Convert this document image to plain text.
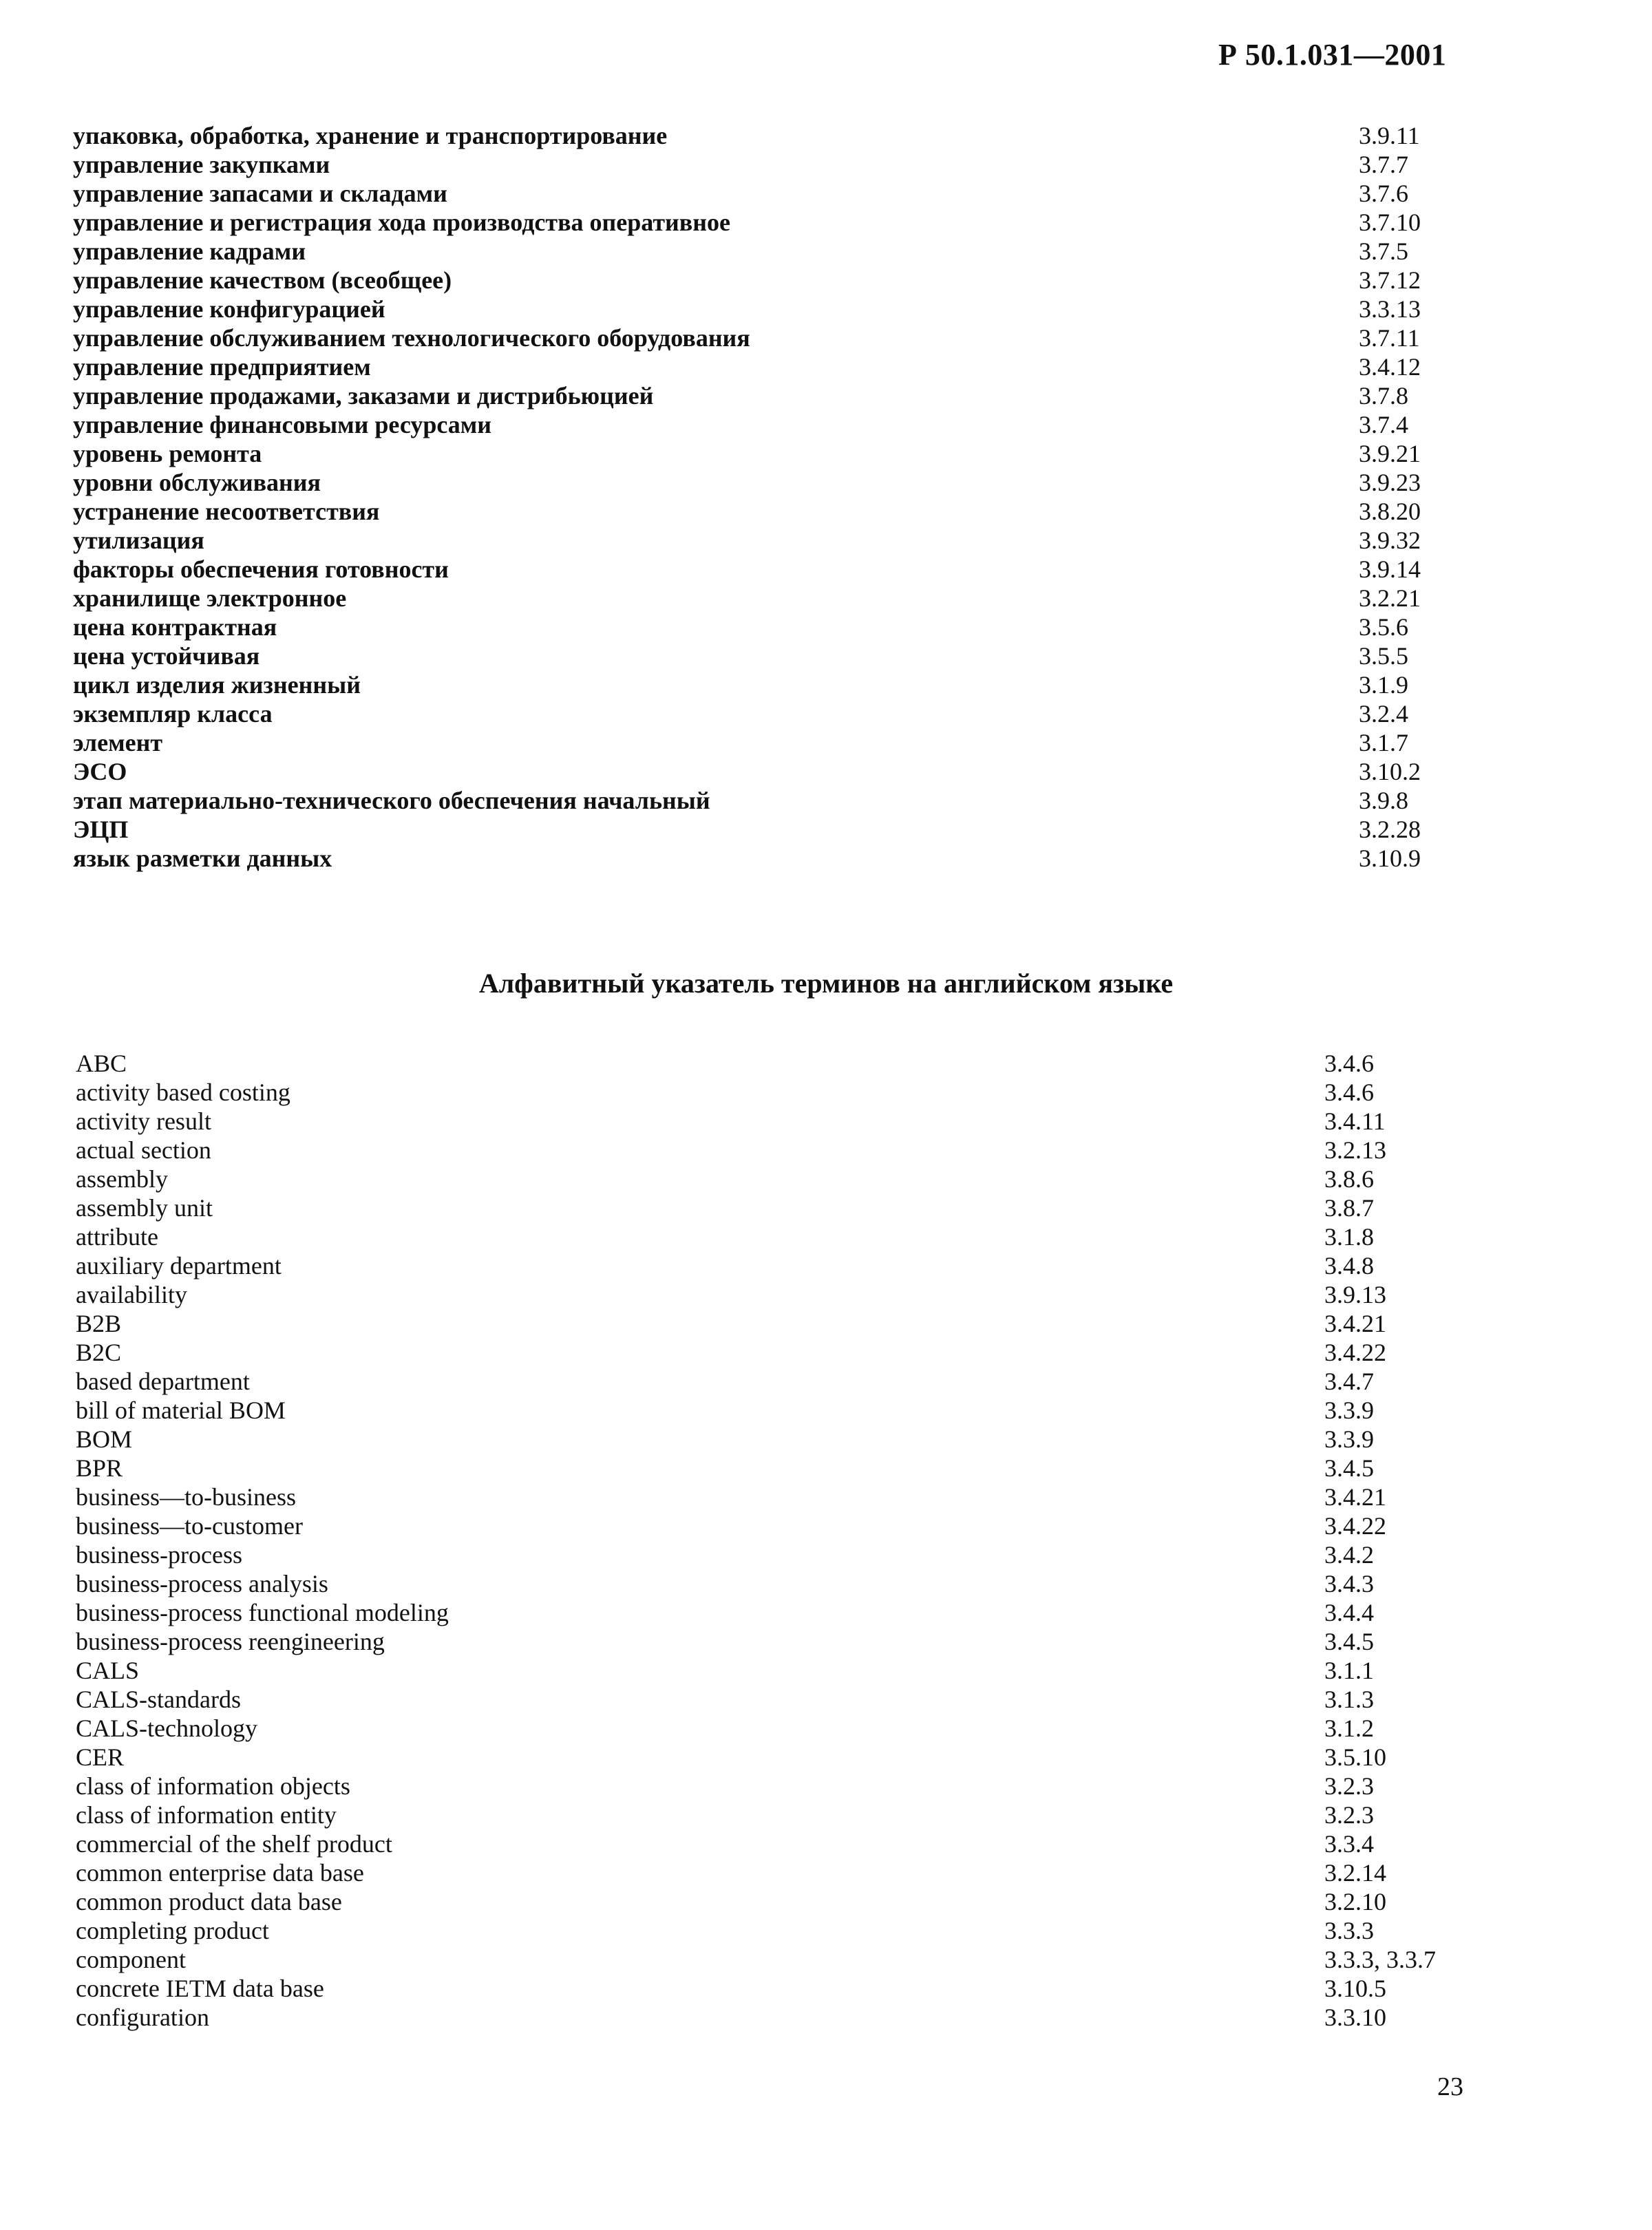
Р 50.1.031—2001
упаковка, обработка, хранение и транспортирование	3.9.11
управление закупками	3.7.7
управление запасами и складами	3.7.6
управление и регистрация хода производства оперативное	3.7.10
управление кадрами	3.7.5
управление качеством (всеобщее)	3.7.12
управление конфигурацией	3.3.13
управление обслуживанием технологического оборудования	3.7.11
управление предприятием	3.4.12
управление продажами, заказами и дистрибьюцией	3.7.8
управление финансовыми ресурсами	3.7.4
уровень ремонта	3.9.21
уровни обслуживания	3.9.23
устранение несоответствия	3.8.20
утилизация	3.9.32
факторы обеспечения готовности	3.9.14
хранилище электронное	3.2.21
цена контрактная	3.5.6
цена устойчивая	3.5.5
цикл изделия жизненный	3.1.9
экземпляр класса	3.2.4
элемент	3.1.7
ЭСО	3.10.2
этап материально-технического обеспечения начальный	3.9.8
ЭЦП	3.2.28
язык разметки данных	3.10.9
Алфавитный указатель терминов на английском языке
ABC	3.4.6
activity based costing	3.4.6
activity result	3.4.11
actual section	3.2.13
assembly	3.8.6
assembly unit	3.8.7
attribute	3.1.8
auxiliary department	3.4.8
availability	3.9.13
B2B	3.4.21
B2C	3.4.22
based department	3.4.7
bill of material BOM	3.3.9
BOM	3.3.9
BPR	3.4.5
business—to-business	3.4.21
business—to-customer	3.4.22
business-process	3.4.2
business-process analysis	3.4.3
business-process functional modeling	3.4.4
business-process reengineering	3.4.5
CALS	3.1.1
CALS-standards	3.1.3
CALS-technology	3.1.2
CER	3.5.10
class of information objects	3.2.3
class of information entity	3.2.3
commercial of the shelf product	3.3.4
common enterprise data base	3.2.14
common product data base	3.2.10
completing product	3.3.3
component	3.3.3, 3.3.7
concrete IETM data base	3.10.5
configuration	3.3.10
23
